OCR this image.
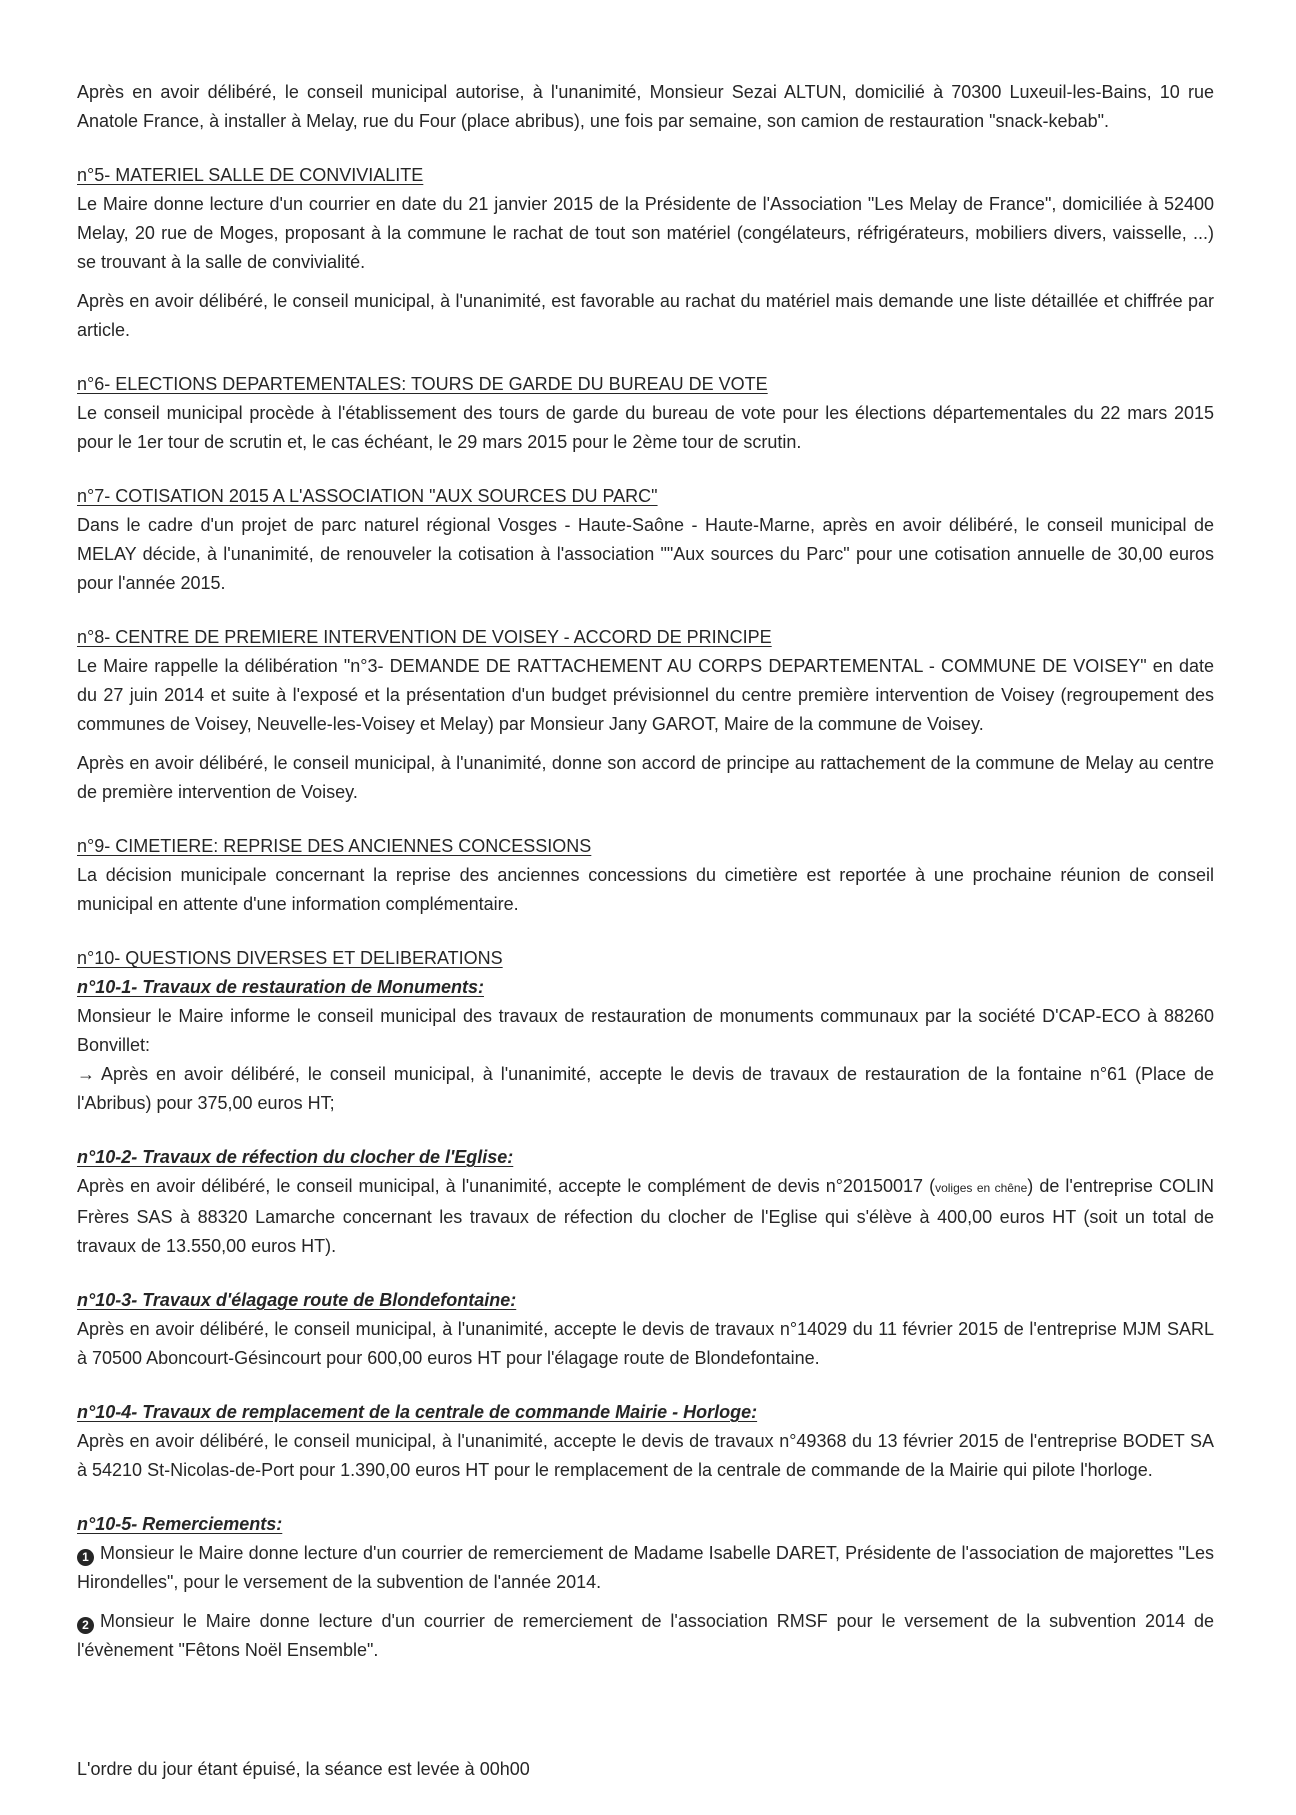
Après en avoir délibéré, le conseil municipal autorise, à l'unanimité, Monsieur Sezai ALTUN, domicilié à 70300 Luxeuil-les-Bains, 10 rue Anatole France, à installer à Melay, rue du Four (place abribus), une fois par semaine, son camion de restauration "snack-kebab".

n°5- MATERIEL SALLE DE CONVIVIALITE

Le Maire donne lecture d'un courrier en date du 21 janvier 2015 de la Présidente de l'Association "Les Melay de France", domiciliée à 52400 Melay, 20 rue de Moges, proposant à la commune le rachat de tout son matériel (congélateurs, réfrigérateurs, mobiliers divers, vaisselle, ...) se trouvant à la salle de convivialité.

Après en avoir délibéré, le conseil municipal, à l'unanimité, est favorable au rachat du matériel mais demande une liste détaillée et chiffrée par article.

n°6- ELECTIONS DEPARTEMENTALES: TOURS DE GARDE DU BUREAU DE VOTE

Le conseil municipal procède à l'établissement des tours de garde du bureau de vote pour les élections départementales du 22 mars 2015 pour le 1er tour de scrutin et, le cas échéant, le 29 mars 2015 pour le 2ème tour de scrutin.

n°7- COTISATION 2015 A L'ASSOCIATION "AUX SOURCES DU PARC"

Dans le cadre d'un projet de parc naturel régional Vosges - Haute-Saône - Haute-Marne, après en avoir délibéré, le conseil municipal de MELAY décide, à l'unanimité, de renouveler la cotisation à l'association ""Aux sources du Parc" pour une cotisation annuelle de 30,00 euros pour l'année 2015.

n°8- CENTRE DE PREMIERE INTERVENTION DE VOISEY - ACCORD DE PRINCIPE

Le Maire rappelle la délibération "n°3- DEMANDE DE RATTACHEMENT AU CORPS DEPARTEMENTAL - COMMUNE DE VOISEY" en date du 27 juin 2014 et suite à l'exposé et la présentation d'un budget prévisionnel du centre première intervention de Voisey (regroupement des communes de Voisey, Neuvelle-les-Voisey et Melay) par Monsieur Jany GAROT, Maire de la commune de Voisey.

Après en avoir délibéré, le conseil municipal, à l'unanimité, donne son accord de principe au rattachement de la commune de Melay au centre de première intervention de Voisey.

n°9- CIMETIERE: REPRISE DES ANCIENNES CONCESSIONS

La décision municipale concernant la reprise des anciennes concessions du cimetière est reportée à une prochaine réunion de conseil municipal en attente d'une information complémentaire.

n°10- QUESTIONS DIVERSES ET DELIBERATIONS

n°10-1- Travaux de restauration de Monuments:

Monsieur le Maire informe le conseil municipal des travaux de restauration de monuments communaux par la société D'CAP-ECO à 88260 Bonvillet:

→ Après en avoir délibéré, le conseil municipal, à l'unanimité, accepte le devis de travaux de restauration de la fontaine n°61 (Place de l'Abribus) pour 375,00 euros HT;

n°10-2- Travaux de réfection du clocher de l'Eglise:

Après en avoir délibéré, le conseil municipal, à l'unanimité, accepte le complément de devis n°20150017 (voliges en chêne) de l'entreprise COLIN Frères SAS à 88320 Lamarche concernant les travaux de réfection du clocher de l'Eglise qui s'élève à 400,00 euros HT (soit un total de travaux de 13.550,00 euros HT).

n°10-3- Travaux d'élagage route de Blondefontaine:

Après en avoir délibéré, le conseil municipal, à l'unanimité, accepte le devis de travaux n°14029 du 11 février 2015 de l'entreprise MJM SARL à 70500 Aboncourt-Gésincourt pour 600,00 euros HT pour l'élagage route de Blondefontaine.

n°10-4- Travaux de remplacement de la centrale de commande Mairie - Horloge:

Après en avoir délibéré, le conseil municipal, à l'unanimité, accepte le devis de travaux n°49368 du 13 février 2015 de l'entreprise BODET SA à 54210 St-Nicolas-de-Port pour 1.390,00 euros HT pour le remplacement de la centrale de commande de la Mairie qui pilote l'horloge.

n°10-5- Remerciements:

1 Monsieur le Maire donne lecture d'un courrier de remerciement de Madame Isabelle DARET, Présidente de l'association de majorettes "Les Hirondelles", pour le versement de la subvention de l'année 2014.

2 Monsieur le Maire donne lecture d'un courrier de remerciement de l'association RMSF pour le versement de la subvention 2014 de l'évènement "Fêtons Noël Ensemble".

L'ordre du jour étant épuisé, la séance est levée à 00h00
